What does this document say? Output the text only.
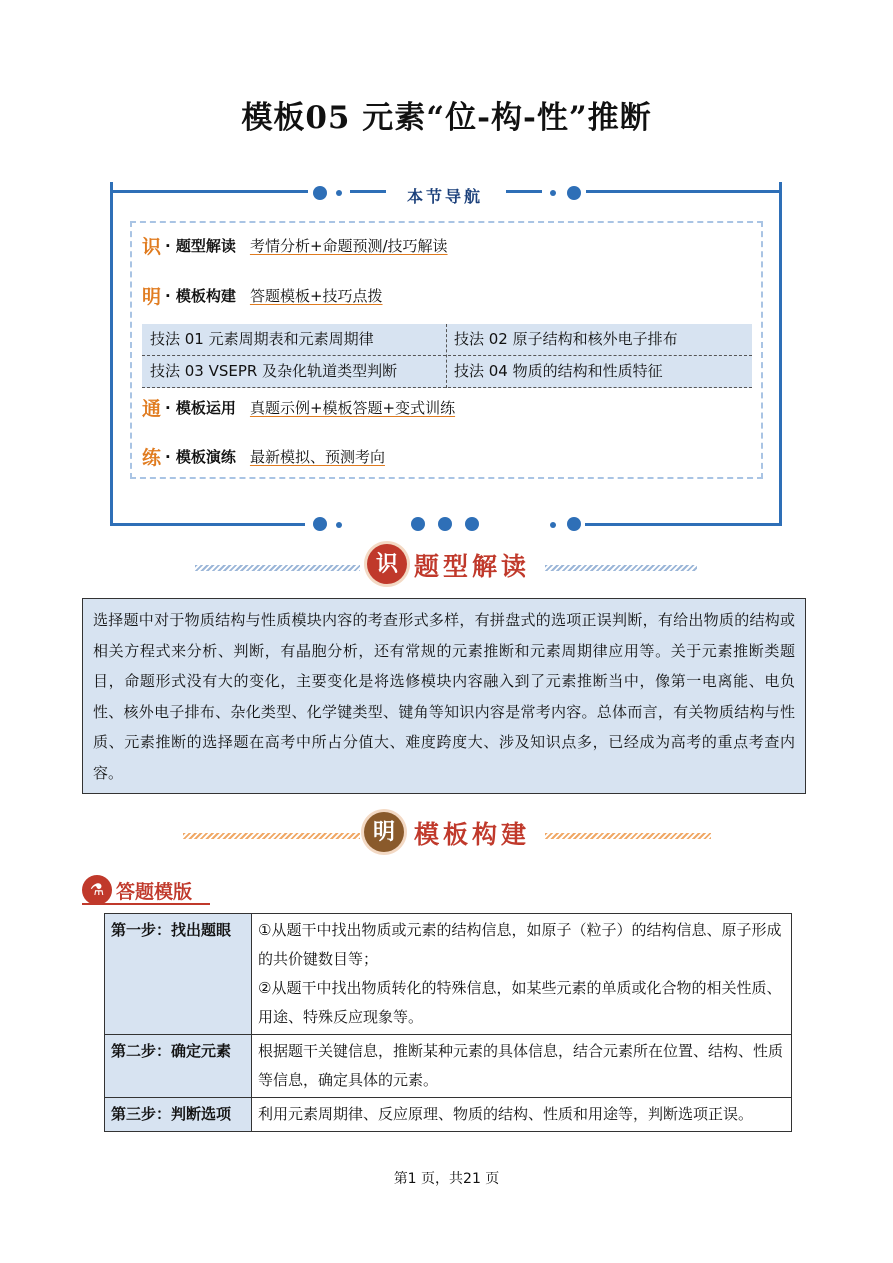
模板05 元素“位-构-性”推断
本节导航
识 · 题型解读 考情分析+命题预测/技巧解读
明 · 模板构建 答题模板+技巧点拨
技法 01 元素周期表和元素周期律	技法 02 原子结构和核外电子排布
技法 03 VSEPR 及杂化轨道类型判断	技法 04 物质的结构和性质特征
通 · 模板运用 真题示例+模板答题+变式训练
练 · 模板演练 最新模拟、预测考向
识 题型解读
选择题中对于物质结构与性质模块内容的考查形式多样，有拼盘式的选项正误判断，有给出物质的结构或相关方程式来分析、判断，有晶胞分析，还有常规的元素推断和元素周期律应用等。关于元素推断类题目，命题形式没有大的变化，主要变化是将选修模块内容融入到了元素推断当中，像第一电离能、电负性、核外电子排布、杂化类型、化学键类型、键角等知识内容是常考内容。总体而言，有关物质结构与性质、元素推断的选择题在高考中所占分值大、难度跨度大、涉及知识点多，已经成为高考的重点考查内容。
明 模板构建
⚗ 答题模版
第一步：找出题眼	①从题干中找出物质或元素的结构信息，如原子（粒子）的结构信息、原子形成的共价键数目等；
②从题干中找出物质转化的特殊信息，如某些元素的单质或化合物的相关性质、用途、特殊反应现象等。

第二步：确定元素	根据题干关键信息，推断某种元素的具体信息，结合元素所在位置、结构、性质等信息，确定具体的元素。

第三步：判断选项	利用元素周期律、反应原理、物质的结构、性质和用途等，判断选项正误。
第1 页，共21 页
